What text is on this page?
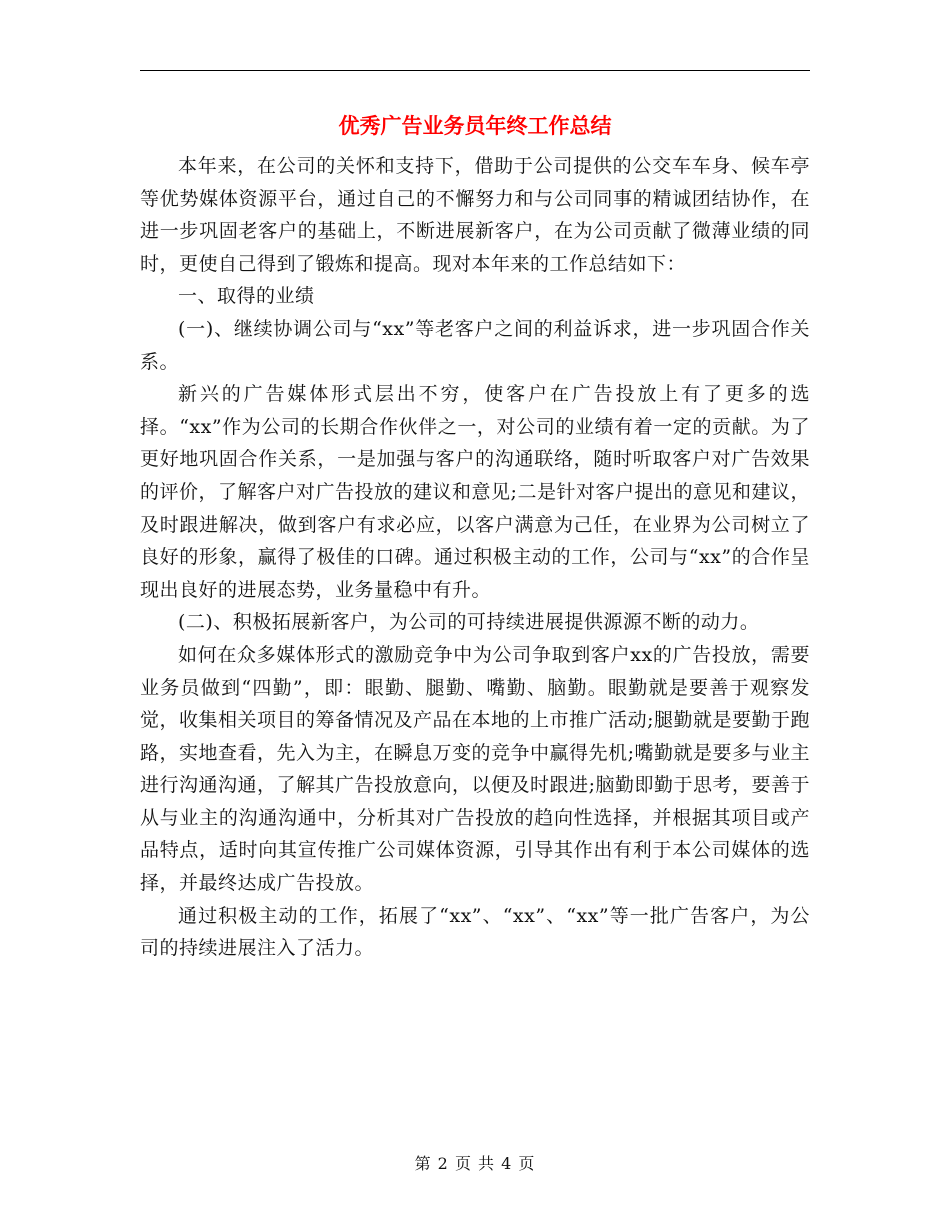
优秀广告业务员年终工作总结

本年来，在公司的关怀和支持下，借助于公司提供的公交车车身、候车亭等优势媒体资源平台，通过自己的不懈努力和与公司同事的精诚团结协作，在进一步巩固老客户的基础上，不断进展新客户，在为公司贡献了微薄业绩的同时，更使自己得到了锻炼和提高。现对本年来的工作总结如下：

一、取得的业绩

(一)、继续协调公司与“xx”等老客户之间的利益诉求，进一步巩固合作关系。

新兴的广告媒体形式层出不穷，使客户在广告投放上有了更多的选择。“xx”作为公司的长期合作伙伴之一，对公司的业绩有着一定的贡献。为了更好地巩固合作关系，一是加强与客户的沟通联络，随时听取客户对广告效果的评价，了解客户对广告投放的建议和意见;二是针对客户提出的意见和建议，及时跟进解决，做到客户有求必应，以客户满意为己任，在业界为公司树立了良好的形象，赢得了极佳的口碑。通过积极主动的工作，公司与“xx”的合作呈现出良好的进展态势，业务量稳中有升。

(二)、积极拓展新客户，为公司的可持续进展提供源源不断的动力。

如何在众多媒体形式的激励竞争中为公司争取到客户xx的广告投放，需要业务员做到“四勤”，即：眼勤、腿勤、嘴勤、脑勤。眼勤就是要善于观察发觉，收集相关项目的筹备情况及产品在本地的上市推广活动;腿勤就是要勤于跑路，实地查看，先入为主，在瞬息万变的竞争中赢得先机;嘴勤就是要多与业主进行沟通沟通，了解其广告投放意向，以便及时跟进;脑勤即勤于思考，要善于从与业主的沟通沟通中，分析其对广告投放的趋向性选择，并根据其项目或产品特点，适时向其宣传推广公司媒体资源，引导其作出有利于本公司媒体的选择，并最终达成广告投放。

通过积极主动的工作，拓展了“xx”、“xx”、“xx”等一批广告客户，为公司的持续进展注入了活力。

第 2 页 共 4 页
